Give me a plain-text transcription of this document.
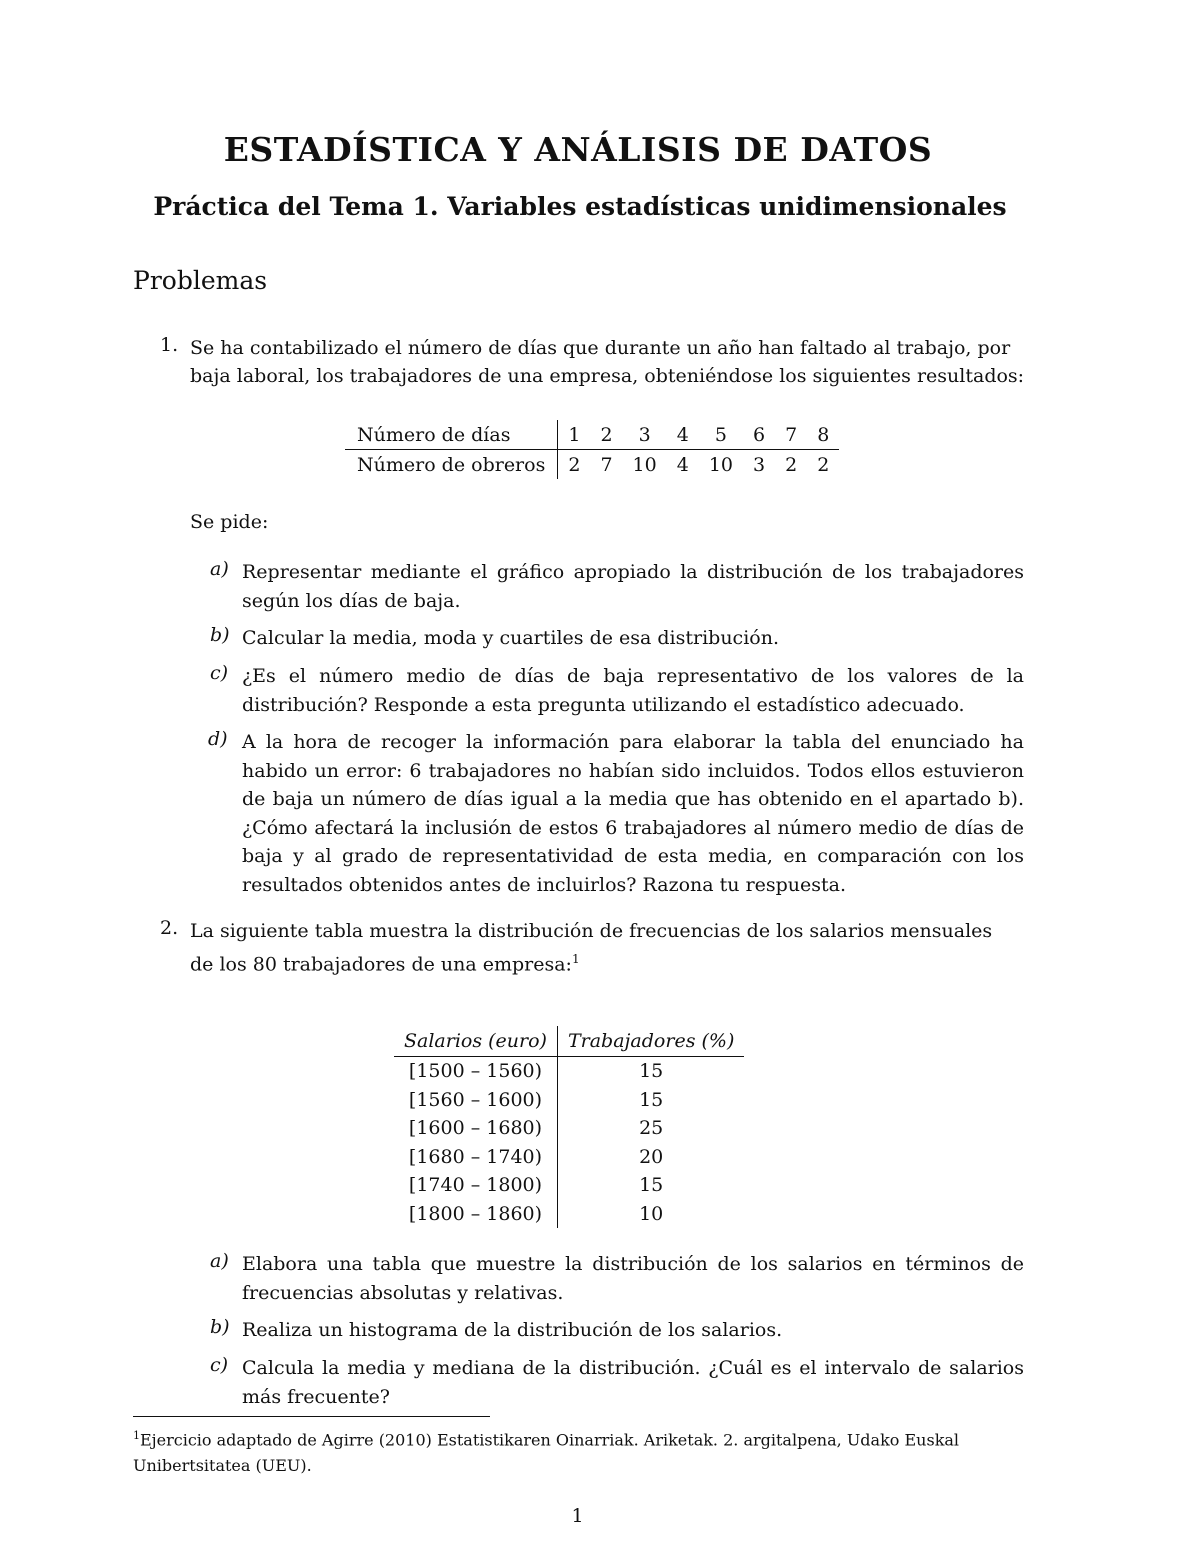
ESTADÍSTICA Y ANÁLISIS DE DATOS
Práctica del Tema 1. Variables estadísticas unidimensionales
Problemas
1. Se ha contabilizado el número de días que durante un año han faltado al trabajo, por
baja laboral, los trabajadores de una empresa, obteniéndose los siguientes resultados:
Número de días	1	2	3	4	5	6	7	8
Número de obreros	2	7	10	4	10	3	2	2
Se pide:
a) Representar mediante el gráfico apropiado la distribución de los trabajadores según los días de baja.
b) Calcular la media, moda y cuartiles de esa distribución.
c) ¿Es el número medio de días de baja representativo de los valores de la distribución? Responde a esta pregunta utilizando el estadístico adecuado.
d) A la hora de recoger la información para elaborar la tabla del enunciado ha habido un error: 6 trabajadores no habían sido incluidos. Todos ellos estuvieron de baja un número de días igual a la media que has obtenido en el apartado b). ¿Cómo afectará la inclusión de estos 6 trabajadores al número medio de días de baja y al grado de representatividad de esta media, en comparación con los resultados obtenidos antes de incluirlos? Razona tu respuesta.
2. La siguiente tabla muestra la distribución de frecuencias de los salarios mensuales
de los 80 trabajadores de una empresa:$^1$
Salarios (euro)	Trabajadores (%)
[1500 – 1560)	15
[1560 – 1600)	15
[1600 – 1680)	25
[1680 – 1740)	20
[1740 – 1800)	15
[1800 – 1860)	10
a) Elabora una tabla que muestre la distribución de los salarios en términos de frecuencias absolutas y relativas.
b) Realiza un histograma de la distribución de los salarios.
c) Calcula la media y mediana de la distribución. ¿Cuál es el intervalo de salarios más frecuente?
$^1$Ejercicio adaptado de Agirre (2010) Estatistikaren Oinarriak. Ariketak. 2. argitalpena, Udako Euskal Unibertsitatea (UEU).
1
